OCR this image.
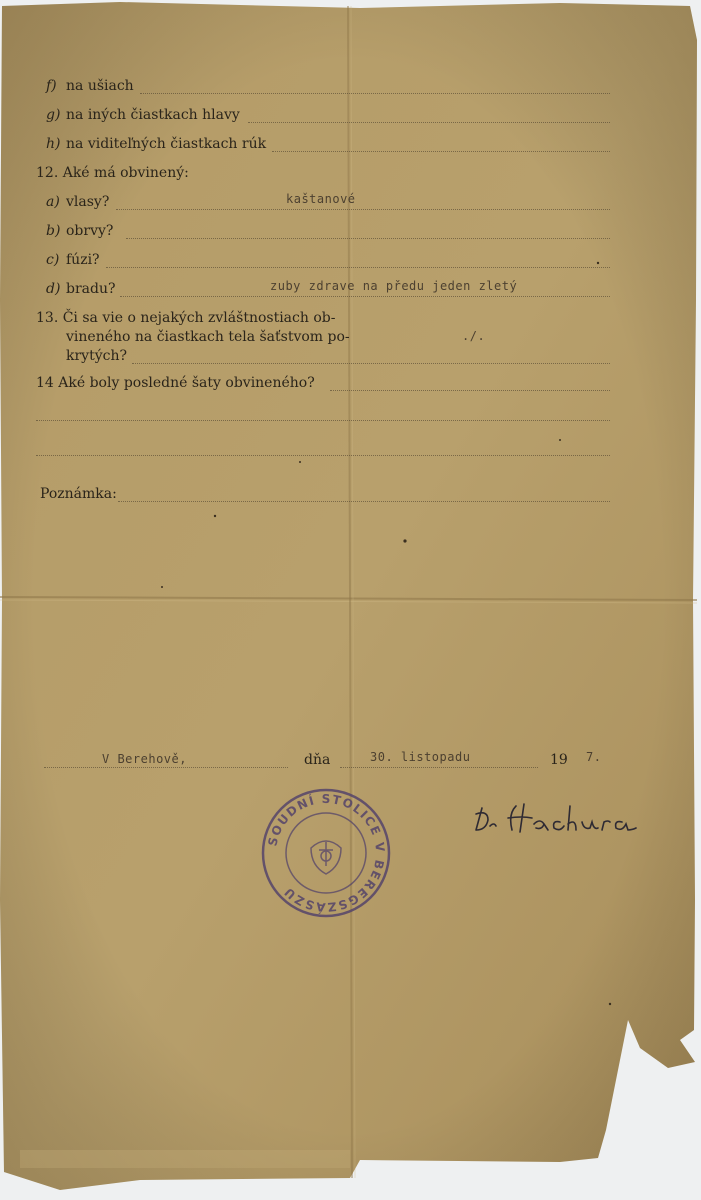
f) na ušiach
g) na iných čiastkach hlavy
h) na viditeľných čiastkach rúk
12. Aké má obvinený:
a) vlasy?	kaštanové
b) obrvy?
c) fúzi?
d) bradu?	zuby zdrave na předu jeden zletý
13. Či sa vie o nejakých zvláštnostiach ob-
vineného na čiastkach tela šaťstvom po-
krytých?
./.
14 Aké boly posledné šaty obvineného?
Poznámka:
V Berehově,	dňa	30. listopadu	19 7.
SOUDNÍ STOLICE V BEREGSZÁSZU
